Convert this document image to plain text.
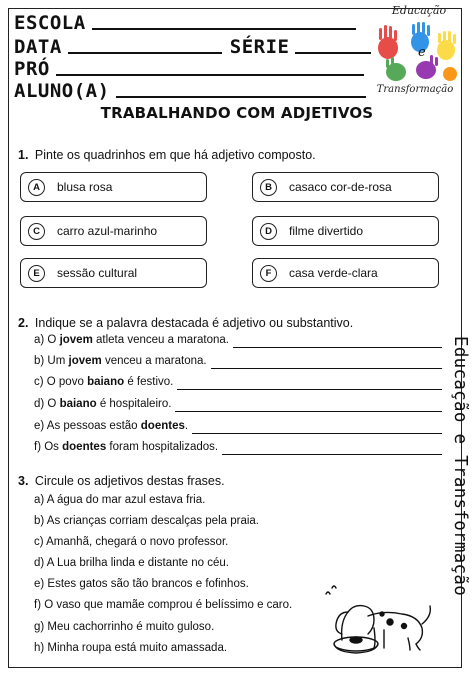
ESCOLA
DATA	SÉRIE
PRÓ
ALUNO(A)
Educação
e
Transformação
TRABALHANDO COM ADJETIVOS
1. Pinte os quadrinhos em que há adjetivo composto.
A	blusa rosa	B	casaco cor-de-rosa
C	carro azul-marinho	D	filme divertido
E	sessão cultural	F	casa verde-clara
2. Indique se a palavra destacada é adjetivo ou substantivo.
a) O jovem atleta venceu a maratona.
b) Um jovem venceu a maratona.
c) O povo baiano é festivo.
d) O baiano é hospitaleiro.
e) As pessoas estão doentes.
f) Os doentes foram hospitalizados.
3. Circule os adjetivos destas frases.
a) A água do mar azul estava fria.
b) As crianças corriam descalças pela praia.
c) Amanhã, chegará o novo professor.
d) A Lua brilha linda e distante no céu.
e) Estes gatos são tão brancos e fofinhos.
f) O vaso que mamãe comprou é belíssimo e caro.
g) Meu cachorrinho é muito guloso.
h) Minha roupa está muito amassada.
Educação e Transformação
